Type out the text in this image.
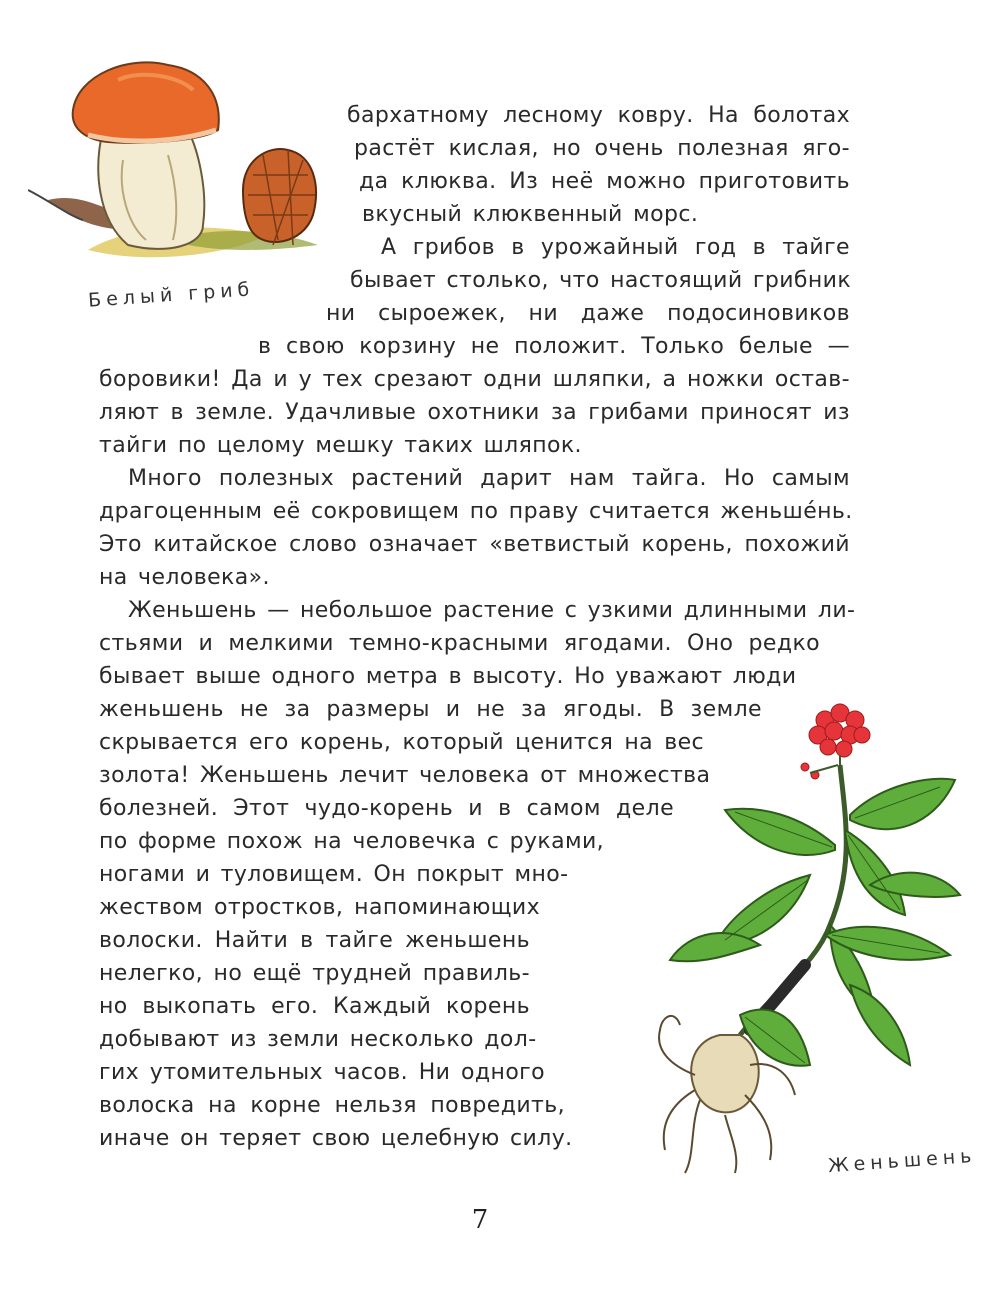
Белый гриб
Женьшень
бархатному лесному ковру. На болотах
растёт кислая, но очень полезная яго-
да клюква. Из неё можно приготовить
вкусный клюквенный морс.
А грибов в урожайный год в тайге
бывает столько, что настоящий грибник
ни сыроежек, ни даже подосиновиков
в свою корзину не положит. Только белые —
боровики! Да и у тех срезают одни шляпки, а ножки остав-
ляют в земле. Удачливые охотники за грибами приносят из
тайги по целому мешку таких шляпок.
Много полезных растений дарит нам тайга. Но самым
драгоценным её сокровищем по праву считается женьше́нь.
Это китайское слово означает «ветвистый корень, похожий
на человека».
Женьшень — небольшое растение с узкими длинными ли-
стьями и мелкими темно-красными ягодами. Оно редко
бывает выше одного метра в высоту. Но уважают люди
женьшень не за размеры и не за ягоды. В земле
скрывается его корень, который ценится на вес
золота! Женьшень лечит человека от множества
болезней. Этот чудо-корень и в самом деле
по форме похож на человечка с руками,
ногами и туловищем. Он покрыт мно-
жеством отростков, напоминающих
волоски. Найти в тайге женьшень
нелегко, но ещё трудней правиль-
но выкопать его. Каждый корень
добывают из земли несколько дол-
гих утомительных часов. Ни одного
волоска на корне нельзя повредить,
иначе он теряет свою целебную силу.
7
